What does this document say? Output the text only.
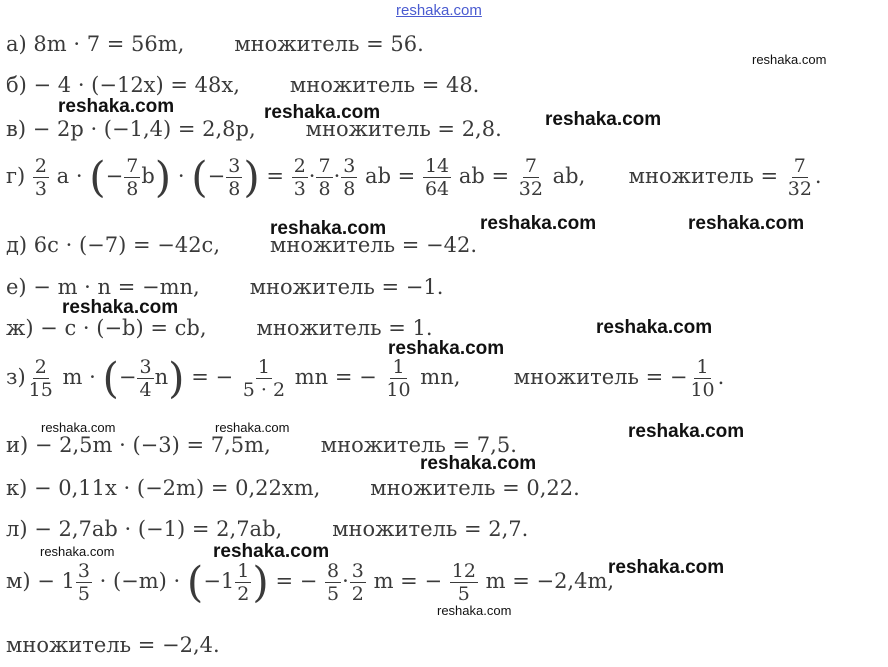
reshaka.com
а) 8m · 7 = 56m, множитель = 56.
б) − 4 · (−12x) = 48x, множитель = 48.
в) − 2p · (−1,4) = 2,8p, множитель = 2,8.
$г) \frac{2}{3}$ a · (− $\frac{7}{8} b$) · (− $\frac{3}{8}$ ) = $\frac{2}{3} \cdot \frac{7}{8} \cdot \frac{3}{8}$ ab = $\frac{14}{64}$ ab = $\frac{7}{32}$ ab, множитель = $\frac{7}{32}$ .
д) 6c · (−7) = −42c, множитель = −42.
е) − m · n = −mn, множитель = −1.
ж) − c · (−b) = cb, множитель = 1.
$з) \frac{2}{15}$ m · (− $\frac{3}{4} n$) = − $\frac{1}{5 \cdot 2}$ mn = − $\frac{1}{10}$ mn,	множитель = − $\frac{1}{10}$ .
и) − 2,5m · (−3) = 7,5m, множитель = 7,5.
к) − 0,11x · (−2m) = 0,22xm, множитель = 0,22.
л) − 2,7ab · (−1) = 2,7ab, множитель = 2,7.
$м) - 1 \frac{3}{5} \cdot (-m) \cdot (-1 \frac{1}{2}$ ) = − $\frac{8}{5} \cdot \frac{3}{2}$ m = − $\frac{12}{5}$ m = −2,4m,
множитель = −2,4.
reshaka.com
reshaka.com	reshaka.com	reshaka.com
reshaka.com	reshaka.com	reshaka.com
reshaka.com
reshaka.com
reshaka.com
reshaka.com	reshaka.com	reshaka.com
reshaka.com
reshaka.com	reshaka.com
reshaka.com
reshaka.com
